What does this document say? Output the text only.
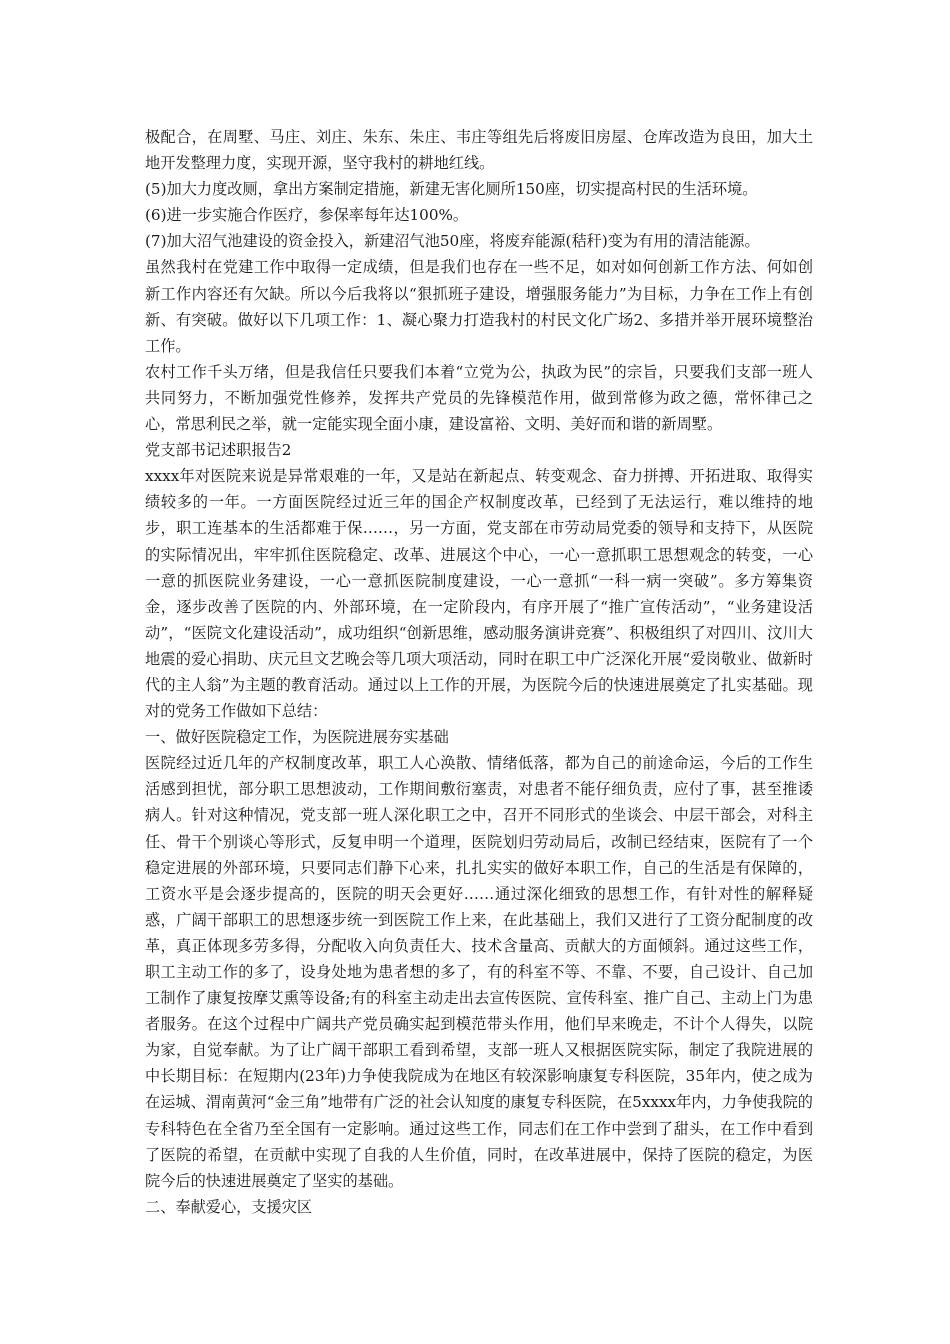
极配合，在周墅、马庄、刘庄、朱东、朱庄、韦庄等组先后将废旧房屋、仓库改造为良田，加大土地开发整理力度，实现开源，坚守我村的耕地红线。

(5)加大力度改厕，拿出方案制定措施，新建无害化厕所150座，切实提高村民的生活环境。

(6)进一步实施合作医疗，参保率每年达100%。

(7)加大沼气池建设的资金投入，新建沼气池50座，将废弃能源(秸秆)变为有用的清洁能源。

虽然我村在党建工作中取得一定成绩，但是我们也存在一些不足，如对如何创新工作方法、何如创新工作内容还有欠缺。所以今后我将以“狠抓班子建设，增强服务能力”为目标，力争在工作上有创新、有突破。做好以下几项工作：1、凝心聚力打造我村的村民文化广场2、多措并举开展环境整治工作。

农村工作千头万绪，但是我信任只要我们本着“立党为公，执政为民”的宗旨，只要我们支部一班人共同努力，不断加强党性修养，发挥共产党员的先锋模范作用，做到常修为政之德，常怀律己之心，常思利民之举，就一定能实现全面小康，建设富裕、文明、美好而和谐的新周墅。

党支部书记述职报告2

xxxx年对医院来说是异常艰难的一年，又是站在新起点、转变观念、奋力拼搏、开拓进取、取得实绩较多的一年。一方面医院经过近三年的国企产权制度改革，已经到了无法运行，难以维持的地步，职工连基本的生活都难于保……，另一方面，党支部在市劳动局党委的领导和支持下，从医院的实际情况出，牢牢抓住医院稳定、改革、进展这个中心，一心一意抓职工思想观念的转变，一心一意的抓医院业务建设，一心一意抓医院制度建设，一心一意抓“一科一病一突破”。多方筹集资金，逐步改善了医院的内、外部环境，在一定阶段内，有序开展了“推广宣传活动”，“业务建设活动”，“医院文化建设活动”，成功组织“创新思维，感动服务演讲竞赛”、积极组织了对四川、汶川大地震的爱心捐助、庆元旦文艺晚会等几项大项活动，同时在职工中广泛深化开展“爱岗敬业、做新时代的主人翁”为主题的教育活动。通过以上工作的开展，为医院今后的快速进展奠定了扎实基础。现对的党务工作做如下总结：

一、做好医院稳定工作，为医院进展夯实基础

医院经过近几年的产权制度改革，职工人心涣散、情绪低落，都为自己的前途命运，今后的工作生活感到担忧，部分职工思想波动，工作期间敷衍塞责，对患者不能仔细负责，应付了事，甚至推诿病人。针对这种情况，党支部一班人深化职工之中，召开不同形式的坐谈会、中层干部会，对科主任、骨干个别谈心等形式，反复申明一个道理，医院划归劳动局后，改制已经结束，医院有了一个稳定进展的外部环境，只要同志们静下心来，扎扎实实的做好本职工作，自己的生活是有保障的，工资水平是会逐步提高的，医院的明天会更好……通过深化细致的思想工作，有针对性的解释疑惑，广阔干部职工的思想逐步统一到医院工作上来，在此基础上，我们又进行了工资分配制度的改革，真正体现多劳多得，分配收入向负责任大、技术含量高、贡献大的方面倾斜。通过这些工作，职工主动工作的多了，设身处地为患者想的多了，有的科室不等、不靠、不要，自己设计、自己加工制作了康复按摩艾熏等设备;有的科室主动走出去宣传医院、宣传科室、推广自己、主动上门为患者服务。在这个过程中广阔共产党员确实起到模范带头作用，他们早来晚走，不计个人得失，以院为家，自觉奉献。为了让广阔干部职工看到希望，支部一班人又根据医院实际，制定了我院进展的中长期目标：在短期内(23年)力争使我院成为在地区有较深影响康复专科医院，35年内，使之成为在运城、渭南黄河“金三角”地带有广泛的社会认知度的康复专科医院，在5xxxx年内，力争使我院的专科特色在全省乃至全国有一定影响。通过这些工作，同志们在工作中尝到了甜头，在工作中看到了医院的希望，在贡献中实现了自我的人生价值，同时，在改革进展中，保持了医院的稳定，为医院今后的快速进展奠定了坚实的基础。

二、奉献爱心，支援灾区
